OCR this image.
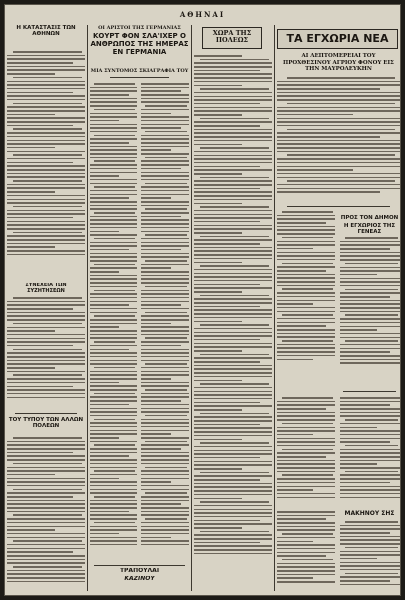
ΑΘΗΝΑΙ
Η ΚΑΤΑΣΤΑΣΙΣ ΤΩΝ ΑΘΗΝΩΝ
ΣΥΝΕΧΕΙΑ ΤΩΝ ΣΥΖΗΤΗΣΕΩΝ
ΤΟΥ ΤΥΠΟΥ ΤΩΝ ΑΛΛΩΝ ΠΟΛΕΩΝ
ΟΙ ΑΡΙΣΤΟΙ ΤΗΣ ΓΕΡΜΑΝΙΑΣ
ΚΟΥΡΤ ΦΟΝ ΣΛΑ'ΙΧΕΡ Ο ΑΝΘΡΩΠΟΣ ΤΗΣ ΗΜΕΡΑΣ ΕΝ ΓΕΡΜΑΝΙΑ
ΜΙΑ ΣΥΝΤΟΜΟΣ ΣΚΙΑΓΡΑΦΙΑ ΤΟΥ
ΤΡΑΠΟΥΛΑΙ
ΚΑΖΙΝΟΥ
ΧΩΡΑ ΤΗΣ ΠΟΛΕΩΣ	ΤΑ ΕΓΧΩΡΙΑ ΝΕΑ
ΑΙ ΛΕΠΤΟΜΕΡΕΙΑΙ ΤΟΥ ΠΡΟΧΘΕΣΙΝΟΥ ΑΓΡΙΟΥ ΦΟΝΟΥ ΕΙΣ ΤΗΝ ΜΑΥΡΟΛΕΥΚΗΝ
ΠΡΟΣ ΤΟΝ ΔΗΜΟΝ
Η ΕΓΧΩΡΙΟΣ ΤΗΣ ΓΕΝΕΑΣ
ΜΑΚΗΝΟΥ ΣΗΣ
